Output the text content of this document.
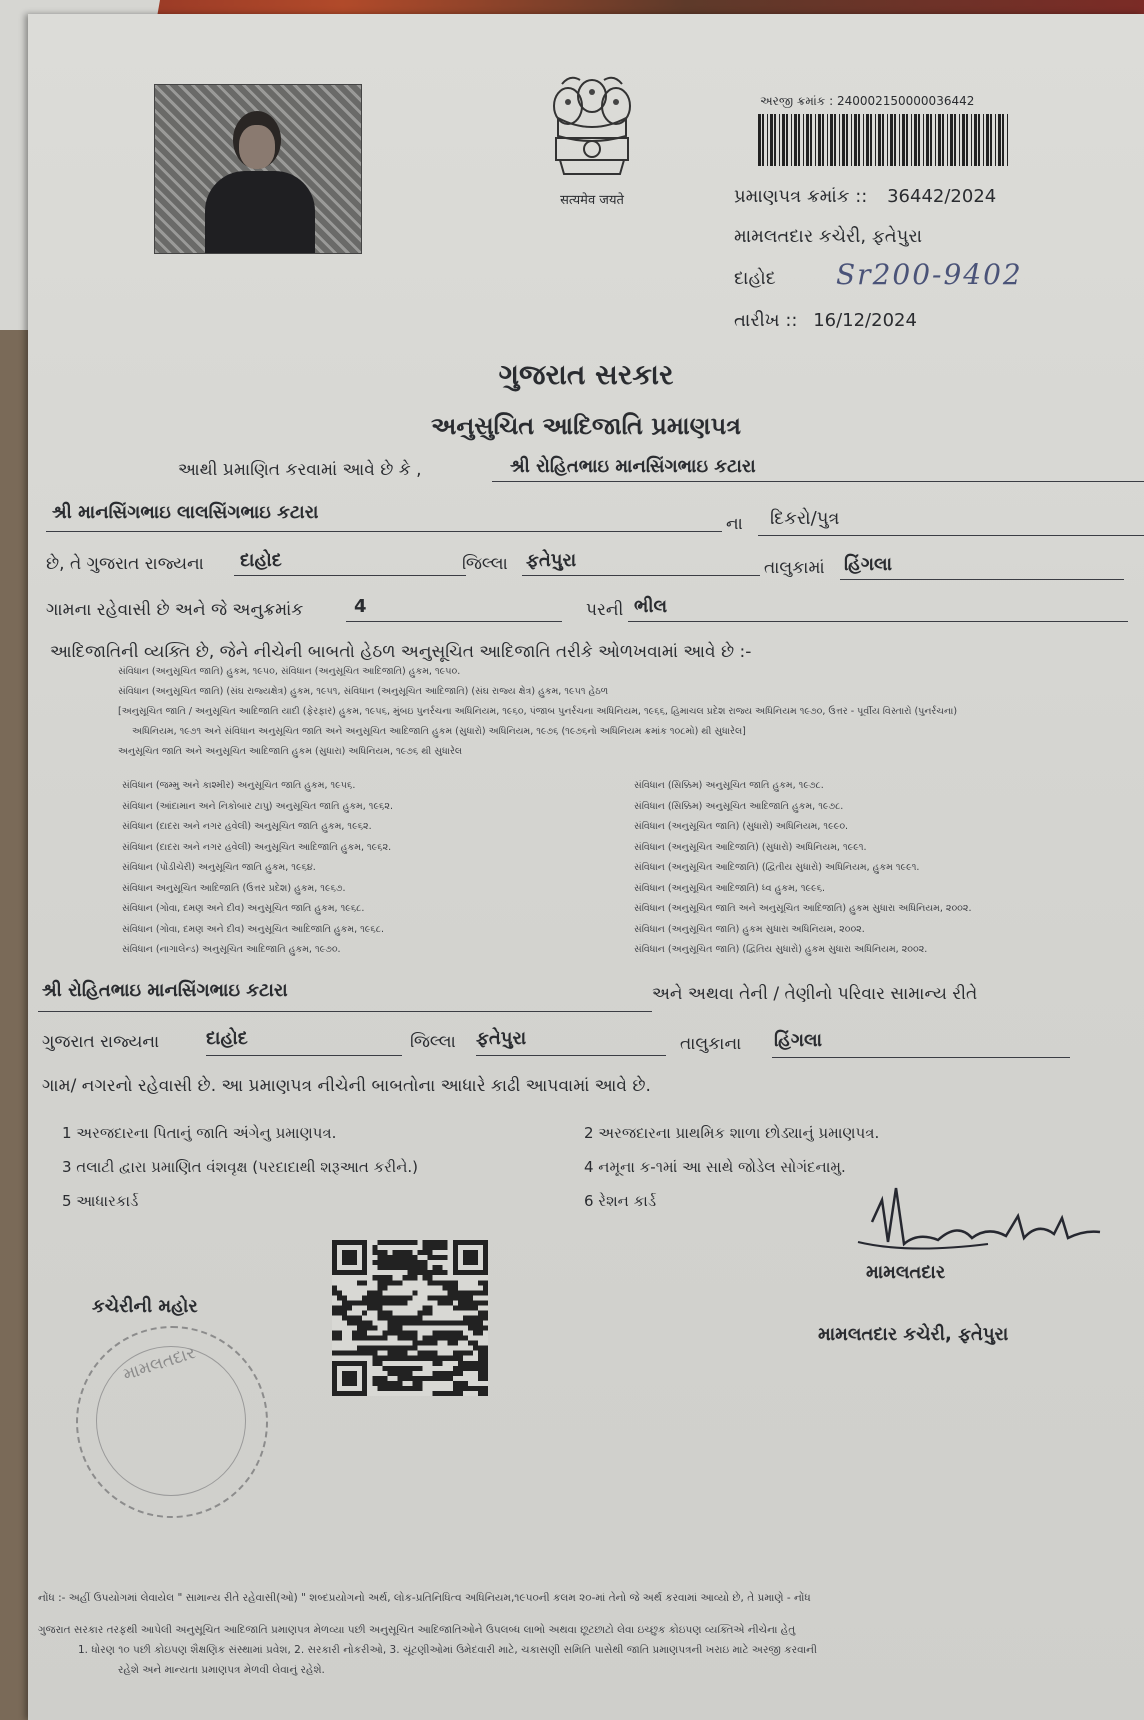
सत्यमेव जयते
અરજી ક્રમાંક : 240002150000036442
પ્રમાણપત્ર ક્રમાંક :: 36442/2024
મામલતદાર કચેરી, ફતેપુરા
દાહોદ Sr200-9402
તારીખ :: 16/12/2024
ગુજરાત સરકાર
અનુસુચિત આદિજાતિ પ્રમાણપત્ર
આથી પ્રમાણિત કરવામાં આવે છે કે ,	શ્રી રોહિતભાઇ માનસિંગભાઇ કટારા
શ્રી માનસિંગભાઇ લાલસિંગભાઇ કટારા
ના	દિકરો/પુત્ર
છે, તે ગુજરાત રાજ્યના	દાહોદ	જિલ્લા ફતેપુરા	તાલુકામાં હિંગલા
ગામના રહેવાસી છે અને જે અનુક્રમાંક	4	પરની ભીલ
આદિજાતિની વ્યક્તિ છે, જેને નીચેની બાબતો હેઠળ અનુસૂચિત આદિજાતિ તરીકે ઓળખવામાં આવે છે :-
સંવિધાન (અનુસૂચિત જાતિ) હુકમ, ૧૯૫૦, સંવિધાન (અનુસૂચિત આદિજાતિ) હુકમ, ૧૯૫૦.
સંવિધાન (અનુસૂચિત જાતિ) (સંઘ રાજ્યક્ષેત્ર) હુકમ, ૧૯૫૧, સંવિધાન (અનુસૂચિત આદિજાતિ) (સંઘ રાજ્ય ક્ષેત્ર) હુકમ, ૧૯૫૧ હેઠળ
[અનુસૂચિત જાતિ / અનુસૂચિત આદિજાતિ યાદી (ફેરફાર) હુકમ, ૧૯૫૬, મુંબઇ પુનર્રચના અધિનિયમ, ૧૯૬૦, પંજાબ પુનર્રચના અધિનિયમ, ૧૯૬૬, હિમાચલ પ્રદેશ રાજ્ય અધિનિયમ ૧૯૭૦, ઉત્તર - પૂર્વીય વિસ્તારો (પુનર્રચના)
અધિનિયમ, ૧૯૭૧ અને સંવિધાન અનુસૂચિત જાતિ અને અનુસૂચિત આદિજાતિ હુકમ (સુધારો) અધિનિયમ, ૧૯૭૬ (૧૯૭૬નો અધિનિયમ ક્રમાંક ૧૦૮મો) થી સુધારેલ]
અનુસૂચિત જાતિ અને અનુસૂચિત આદિજાતિ હુકમ (સુધારા) અધિનિયમ, ૧૯૭૬ થી સુધારેલ
સંવિધાન (જમ્મુ અને કાશ્મીર) અનુસૂચિત જાતિ હુકમ, ૧૯૫૬.
સંવિધાન (આંદામાન અને નિકોબાર ટાપુ) અનુસૂચિત જાતિ હુકમ, ૧૯૬૨.
સંવિધાન (દાદરા અને નગર હવેલી) અનુસૂચિત જાતિ હુકમ, ૧૯૬૨.
સંવિધાન (દાદરા અને નગર હવેલી) અનુસૂચિત આદિજાતિ હુકમ, ૧૯૬૨.
સંવિધાન (પોંડીચેરી) અનુસૂચિત જાતિ હુકમ, ૧૯૬૪.
સંવિધાન અનુસૂચિત આદિજાતિ (ઉત્તર પ્રદેશ) હુકમ, ૧૯૬૭.
સંવિધાન (ગોવા, દમણ અને દીવ) અનુસૂચિત જાતિ હુકમ, ૧૯૬૮.
સંવિધાન (ગોવા, દમણ અને દીવ) અનુસૂચિત આદિજાતિ હુકમ, ૧૯૬૮.
સંવિધાન (નાગાલેન્ડ) અનુસૂચિત આદિજાતિ હુકમ, ૧૯૭૦.
સંવિધાન (સિક્કિમ) અનુસૂચિત જાતિ હુકમ, ૧૯૭૮.
સંવિધાન (સિક્કિમ) અનુસૂચિત આદિજાતિ હુકમ, ૧૯૭૮.
સંવિધાન (અનુસૂચિત જાતિ) (સુધારો) અધિનિયમ, ૧૯૯૦.
સંવિધાન (અનુસૂચિત આદિજાતિ) (સુધારો) અધિનિયમ, ૧૯૯૧.
સંવિધાન (અનુસૂચિત આદિજાતિ) (દ્વિતીય સુધારો) અધિનિયમ, હુકમ ૧૯૯૧.
સંવિધાન (અનુસૂચિત આદિજાતિ) ધ્વ હુકમ, ૧૯૯૬.
સંવિધાન (અનુસૂચિત જાતિ અને અનુસૂચિત આદિજાતિ) હુકમ સુધારા અધિનિયમ, ૨૦૦૨.
સંવિધાન (અનુસૂચિત જાતિ) હુકમ સુધારા અધિનિયમ, ૨૦૦૨.
સંવિધાન (અનુસૂચિત જાતિ) (દ્વિતિય સુધારો) હુકમ સુધારા અધિનિયમ, ૨૦૦૨.
શ્રી રોહિતભાઇ માનસિંગભાઇ કટારા	અને અથવા તેની / તેણીનો પરિવાર સામાન્ય રીતે
ગુજરાત રાજ્યના	દાહોદ	જિલ્લા ફતેપુરા	તાલુકાના હિંગલા
ગામ/ નગરનો રહેવાસી છે. આ પ્રમાણપત્ર નીચેની બાબતોના આધારે કાઢી આપવામાં આવે છે.
1 અરજદારના પિતાનું જાતિ અંગેનુ પ્રમાણપત્ર.	2 અરજદારના પ્રાથમિક શાળા છોડ્યાનું પ્રમાણપત્ર.
3 તલાટી દ્વારા પ્રમાણિત વંશવૃક્ષ (પરદાદાથી શરૂઆત કરીને.)	4 નમૂના ક-૧માં આ સાથે જોડેલ સોગંદનામુ.
5 આધારકાર્ડ	6 રેશન કાર્ડ
કચેરીની મહોર
મામલતદાર
મામલતદાર
મામલતદાર કચેરી, ફતેપુરા
નોંધ :- અહીં ઉપયોગમાં લેવાયેલ " સામાન્ય રીતે રહેવાસી(ઓ) " શબ્દપ્રયોગનો અર્થ, લોક-પ્રતિનિધિત્વ અધિનિયમ,૧૯૫૦ની કલમ ૨૦-માં તેનો જે અર્થ કરવામાં આવ્યો છે, તે પ્રમાણે - નોંધ
ગુજરાત સરકાર તરફથી આપેલી અનુસૂચિત આદિજાતિ પ્રમાણપત્ર મેળવ્યા પછી અનુસૂચિત આદિજાતિઓને ઉપલબ્ધ લાભો અથવા છૂટછાટો લેવા ઇચ્છુક કોઇપણ વ્યક્તિએ નીચેના હેતુ
1. ધોરણ ૧૦ પછી કોઇપણ શૈક્ષણિક સંસ્થામાં પ્રવેશ, 2. સરકારી નોકરીઓ, 3. ચૂંટણીઓમાં ઉમેદવારી માટે, ચકાસણી સમિતિ પાસેથી જાતિ પ્રમાણપત્રની ખરાઇ માટે અરજી કરવાની
રહેશે અને માન્યતા પ્રમાણપત્ર મેળવી લેવાનું રહેશે.
